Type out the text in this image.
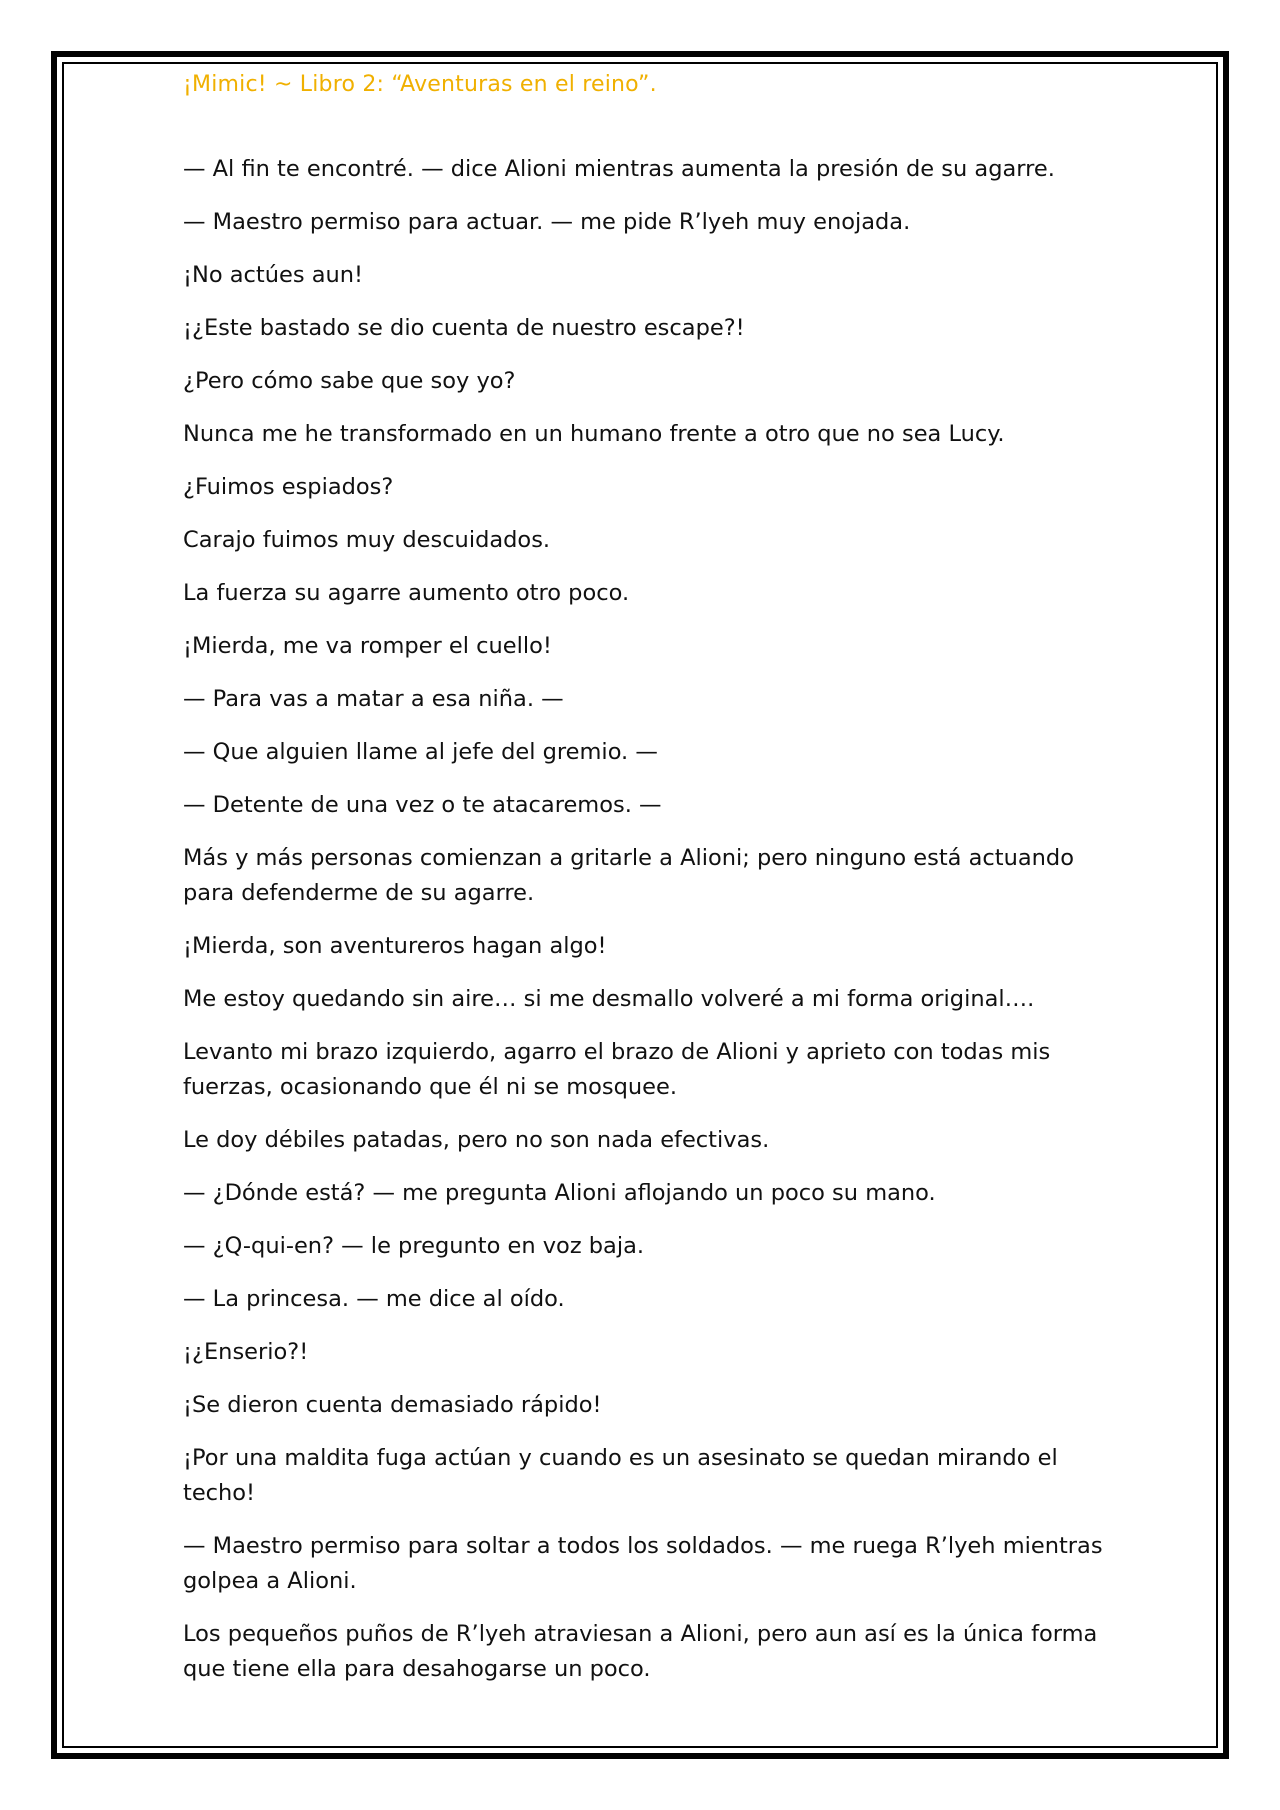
¡Mimic! ~ Libro 2: “Aventuras en el reino”.

— Al fin te encontré. — dice Alioni mientras aumenta la presión de su agarre.

— Maestro permiso para actuar. — me pide R’lyeh muy enojada.

¡No actúes aun!

¡¿Este bastado se dio cuenta de nuestro escape?!

¿Pero cómo sabe que soy yo?

Nunca me he transformado en un humano frente a otro que no sea Lucy.

¿Fuimos espiados?

Carajo fuimos muy descuidados.

La fuerza su agarre aumento otro poco.

¡Mierda, me va romper el cuello!

— Para vas a matar a esa niña. —

— Que alguien llame al jefe del gremio. —

— Detente de una vez o te atacaremos. —

Más y más personas comienzan a gritarle a Alioni; pero ninguno está actuando para defenderme de su agarre.

¡Mierda, son aventureros hagan algo!

Me estoy quedando sin aire… si me desmallo volveré a mi forma original….

Levanto mi brazo izquierdo, agarro el brazo de Alioni y aprieto con todas mis fuerzas, ocasionando que él ni se mosquee.

Le doy débiles patadas, pero no son nada efectivas.

— ¿Dónde está? — me pregunta Alioni aflojando un poco su mano.

— ¿Q-qui-en? — le pregunto en voz baja.

— La princesa. — me dice al oído.

¡¿Enserio?!

¡Se dieron cuenta demasiado rápido!

¡Por una maldita fuga actúan y cuando es un asesinato se quedan mirando el techo!

— Maestro permiso para soltar a todos los soldados. — me ruega R’lyeh mientras golpea a Alioni.

Los pequeños puños de R’lyeh atraviesan a Alioni, pero aun así es la única forma que tiene ella para desahogarse un poco.
